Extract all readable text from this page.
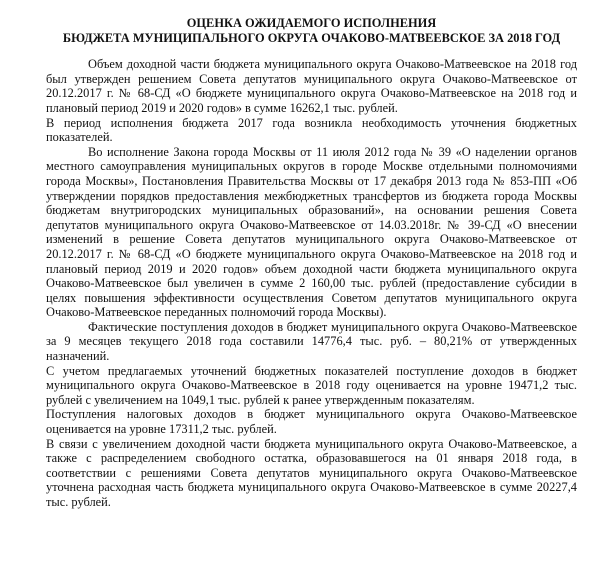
ОЦЕНКА ОЖИДАЕМОГО ИСПОЛНЕНИЯ
БЮДЖЕТА МУНИЦИПАЛЬНОГО ОКРУГА ОЧАКОВО-МАТВЕЕВСКОЕ ЗА 2018 ГОД

Объем доходной части бюджета муниципального округа Очаково-Матвеевское на 2018 год был утвержден решением Совета депутатов муниципального округа Очаково-Матвеевское от 20.12.2017 г. № 68-СД «О бюджете муниципального округа Очаково-Матвеевское на 2018 год и плановый период 2019 и 2020 годов» в сумме 16262,1 тыс. рублей.

В период исполнения бюджета 2017 года возникла необходимость уточнения бюджетных показателей.

Во исполнение Закона города Москвы от 11 июля 2012 года № 39 «О наделении органов местного самоуправления муниципальных округов в городе Москве отдельными полномочиями города Москвы», Постановления Правительства Москвы от 17 декабря 2013 года № 853-ПП «Об утверждении порядков предоставления межбюджетных трансфертов из бюджета города Москвы бюджетам внутригородских муниципальных образований», на основании решения Совета депутатов муниципального округа Очаково-Матвеевское от 14.03.2018г. № 39-СД «О внесении изменений в решение Совета депутатов муниципального округа Очаково-Матвеевское от 20.12.2017 г. № 68-СД «О бюджете муниципального округа Очаково-Матвеевское на 2018 год и плановый период 2019 и 2020 годов» объем доходной части бюджета муниципального округа Очаково-Матвеевское был увеличен в сумме 2 160,00 тыс. рублей (предоставление субсидии в целях повышения эффективности осуществления Советом депутатов муниципального округа Очаково-Матвеевское переданных полномочий города Москвы).

Фактические поступления доходов в бюджет муниципального округа Очаково-Матвеевское за 9 месяцев текущего 2018 года составили 14776,4 тыс. руб. – 80,21% от утвержденных назначений.

С учетом предлагаемых уточнений бюджетных показателей поступление доходов в бюджет муниципального округа Очаково-Матвеевское в 2018 году оценивается на уровне 19471,2 тыс. рублей с увеличением на 1049,1 тыс. рублей к ранее утвержденным показателям.

Поступления налоговых доходов в бюджет муниципального округа Очаково-Матвеевское оценивается на уровне 17311,2 тыс. рублей.

В связи с увеличением доходной части бюджета муниципального округа Очаково-Матвеевское, а также с распределением свободного остатка, образовавшегося на 01 января 2018 года, в соответствии с решениями Совета депутатов муниципального округа Очаково-Матвеевское уточнена расходная часть бюджета муниципального округа Очаково-Матвеевское в сумме 20227,4 тыс. рублей.
